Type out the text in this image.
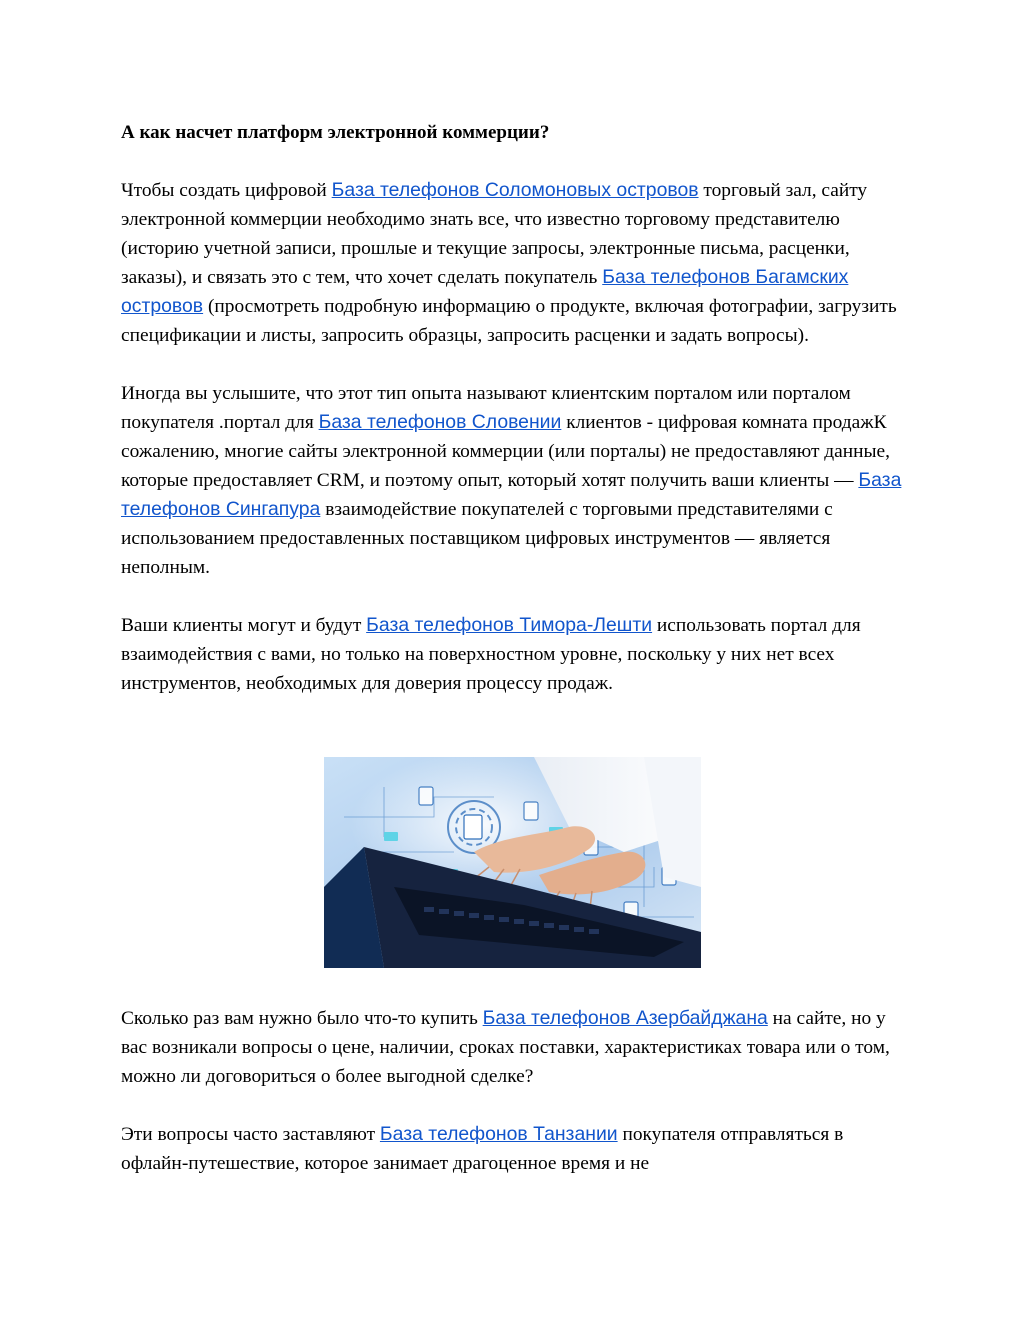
А как насчет платформ электронной коммерции?

Чтобы создать цифровой База телефонов Соломоновых островов торговый зал, сайту электронной коммерции необходимо знать все, что известно торговому представителю (историю учетной записи, прошлые и текущие запросы, электронные письма, расценки, заказы), и связать это с тем, что хочет сделать покупатель База телефонов Багамских островов (просмотреть подробную информацию о продукте, включая фотографии, загрузить спецификации и листы, запросить образцы, запросить расценки и задать вопросы).

Иногда вы услышите, что этот тип опыта называют клиентским порталом или порталом покупателя .портал для База телефонов Словении клиентов - цифровая комната продажК сожалению, многие сайты электронной коммерции (или порталы) не предоставляют данные, которые предоставляет CRM, и поэтому опыт, который хотят получить ваши клиенты — База телефонов Сингапура взаимодействие покупателей с торговыми представителями с использованием предоставленных поставщиком цифровых инструментов — является неполным.

Ваши клиенты могут и будут База телефонов Тимора-Лешти использовать портал для взаимодействия с вами, но только на поверхностном уровне, поскольку у них нет всех инструментов, необходимых для доверия процессу продаж.

Сколько раз вам нужно было что-то купить База телефонов Азербайджана на сайте, но у вас возникали вопросы о цене, наличии, сроках поставки, характеристиках товара или о том, можно ли договориться о более выгодной сделке?

Эти вопросы часто заставляют База телефонов Танзании покупателя отправляться в офлайн-путешествие, которое занимает драгоценное время и не
